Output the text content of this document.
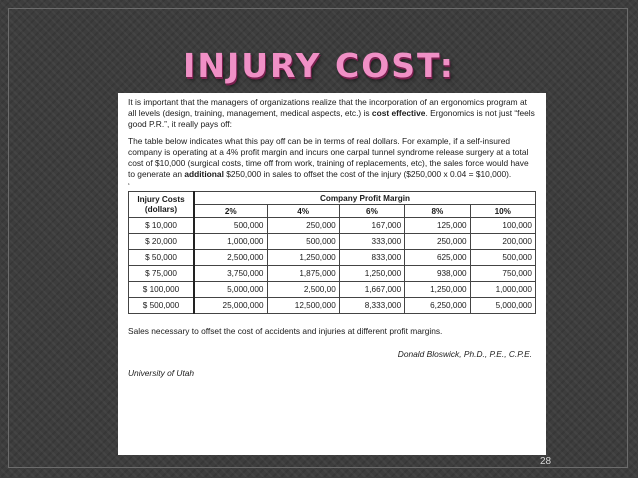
INJURY COST:

It is important that the managers of organizations realize that the incorporation of an ergonomics program at all levels (design, training, management, medical aspects, etc.) is cost effective. Ergonomics is not just “feels good P.R.”, it really pays off:

The table below indicates what this pay off can be in terms of real dollars. For example, if a self-insured company is operating at a 4% profit margin and incurs one carpal tunnel syndrome release surgery at a total cost of $10,000 (surgical costs, time off from work, training of replacements, etc), the sales force would have to generate an additional $250,000 in sales to offset the cost of the injury ($250,000 x 0.04 = $10,000).

‘
Injury Costs (dollars)	Company Profit Margin				
	2%	4%	6%	8%	10%
$ 10,000	500,000	250,000	167,000	125,000	100,000
$ 20,000	1,000,000	500,000	333,000	250,000	200,000
$ 50,000	2,500,000	1,250,000	833,000	625,000	500,000
$ 75,000	3,750,000	1,875,000	1,250,000	938,000	750,000
$ 100,000	5,000,000	2,500,00	1,667,000	1,250,000	1,000,000
$ 500,000	25,000,000	12,500,000	8,333,000	6,250,000	5,000,000

Sales necessary to offset the cost of accidents and injuries at different profit margins.

Donald Bloswick, Ph.D., P.E., C.P.E.

University of Utah

28
